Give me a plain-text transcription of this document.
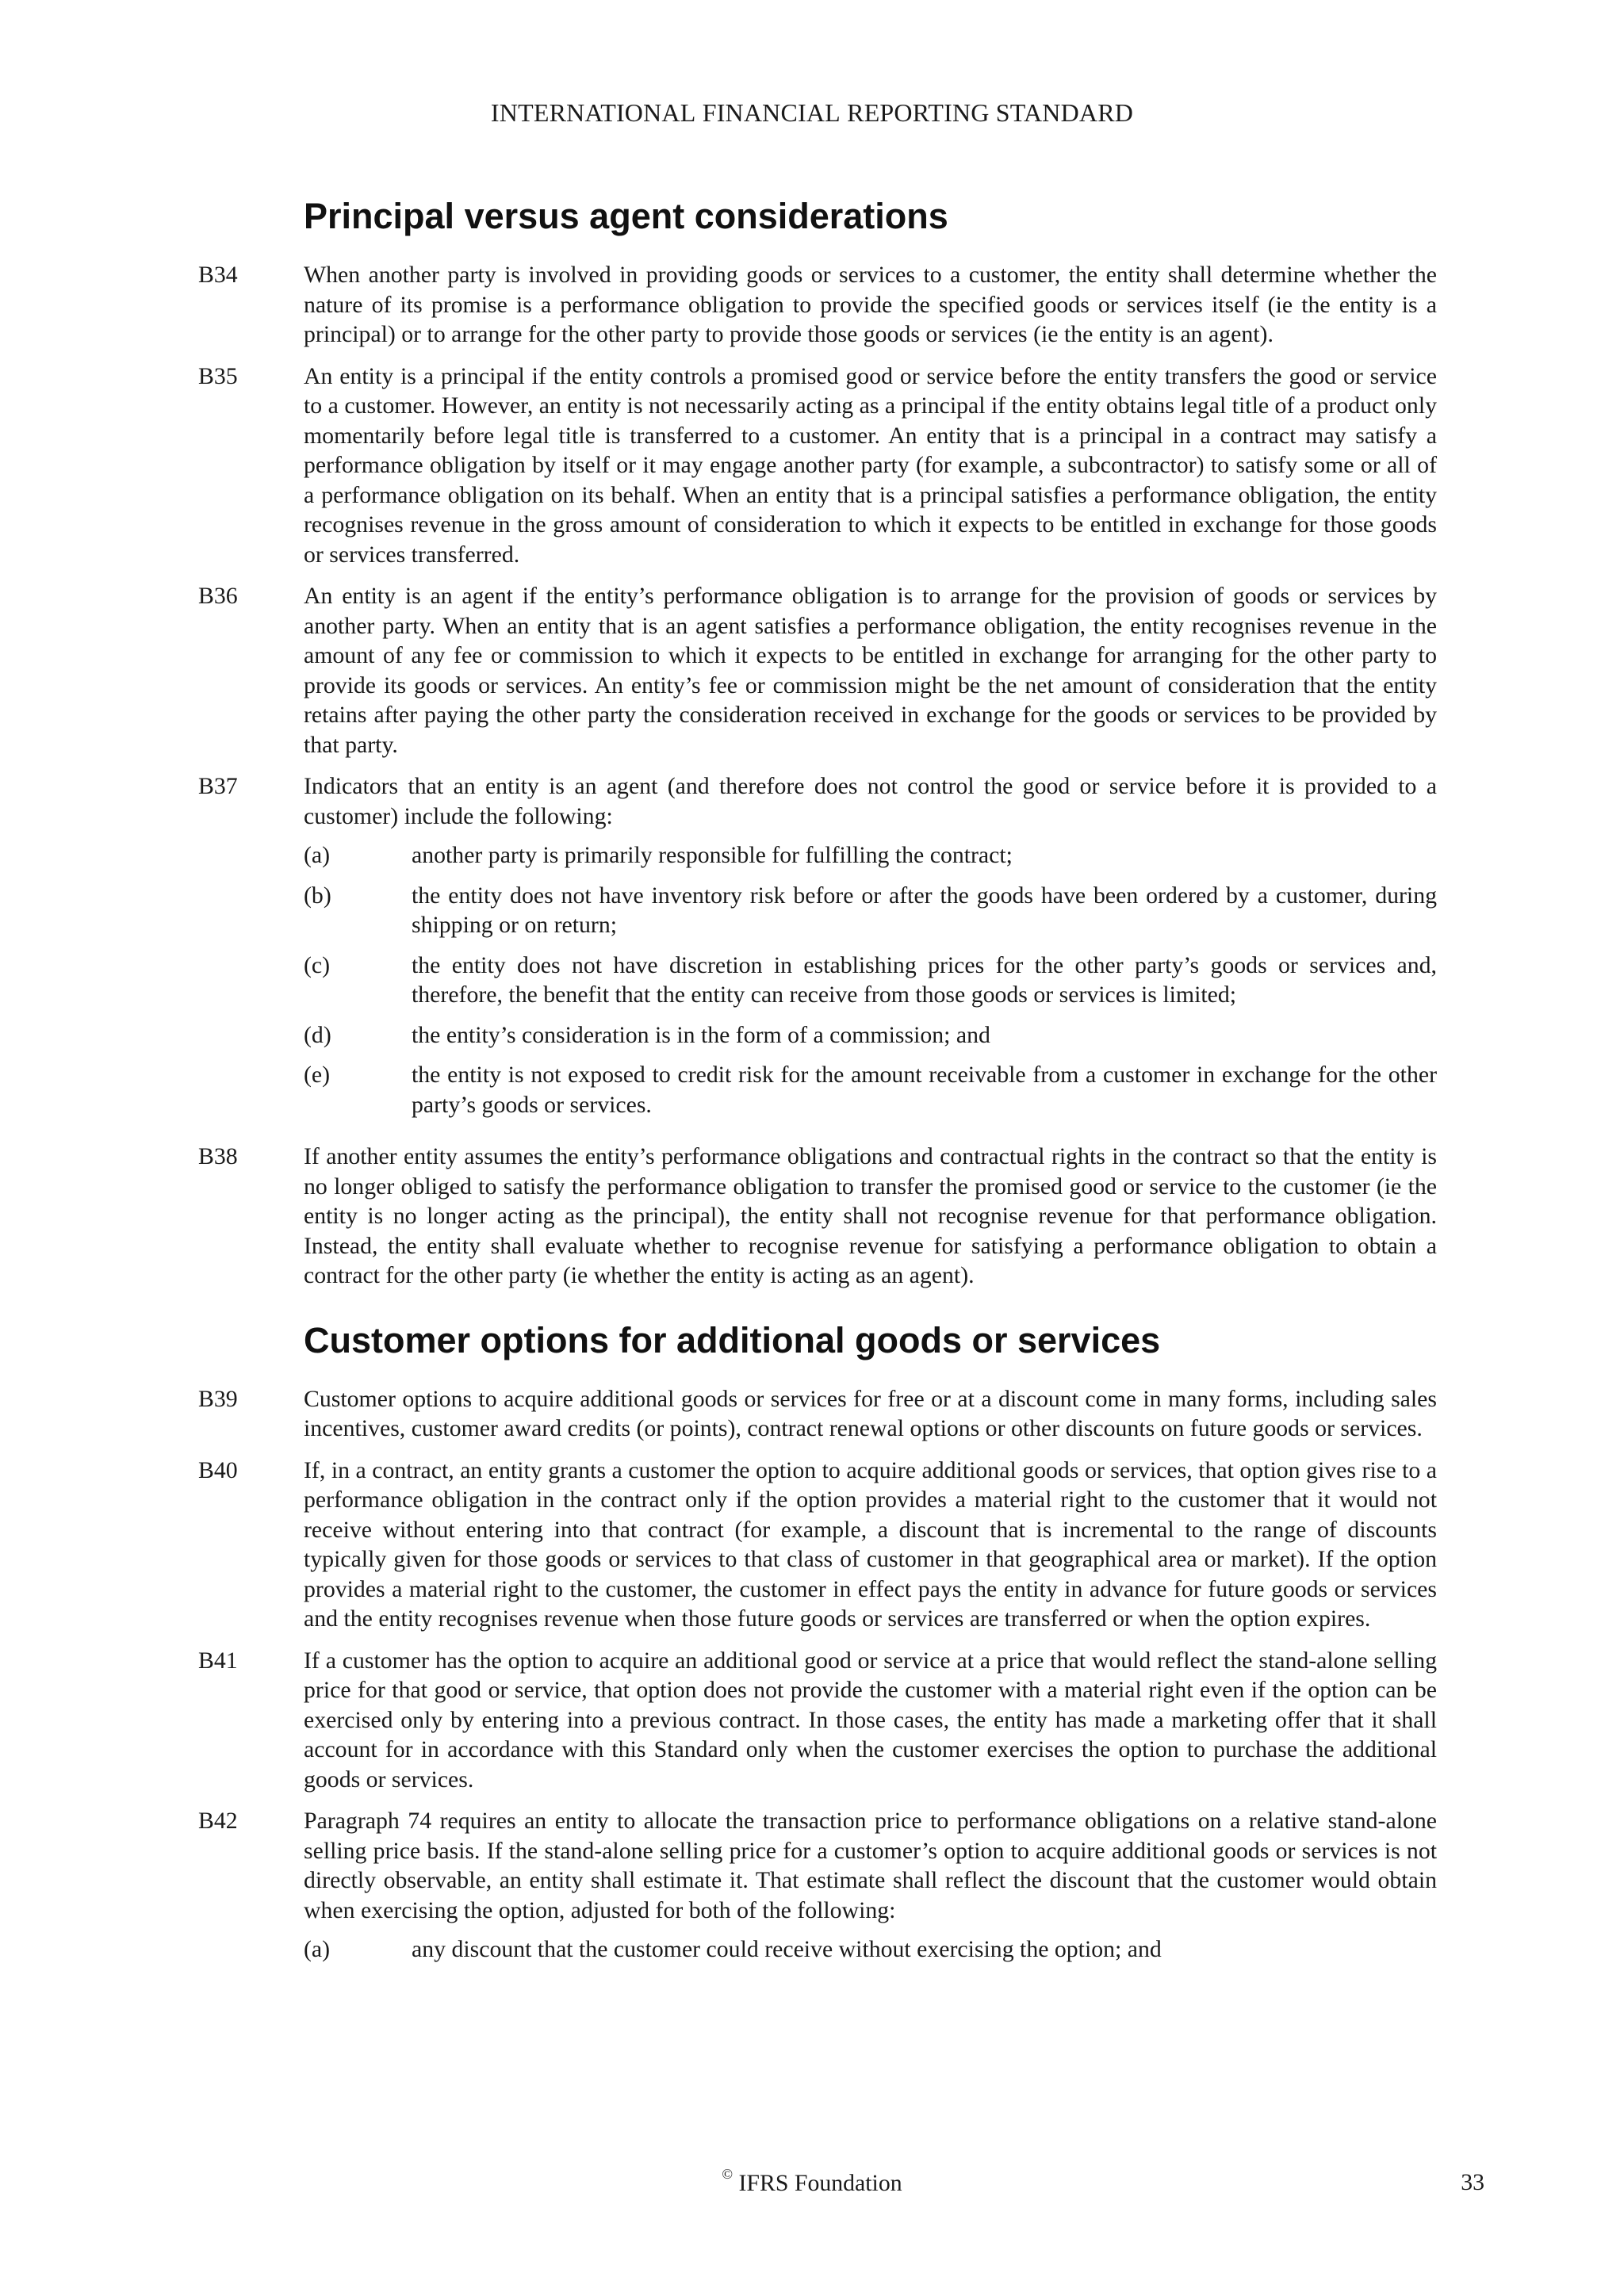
INTERNATIONAL FINANCIAL REPORTING STANDARD
Principal versus agent considerations
B34	When another party is involved in providing goods or services to a customer, the entity shall determine whether the nature of its promise is a performance obligation to provide the specified goods or services itself (ie the entity is a principal) or to arrange for the other party to provide those goods or services (ie the entity is an agent).
B35	An entity is a principal if the entity controls a promised good or service before the entity transfers the good or service to a customer. However, an entity is not necessarily acting as a principal if the entity obtains legal title of a product only momentarily before legal title is transferred to a customer. An entity that is a principal in a contract may satisfy a performance obligation by itself or it may engage another party (for example, a subcontractor) to satisfy some or all of a performance obligation on its behalf. When an entity that is a principal satisfies a performance obligation, the entity recognises revenue in the gross amount of consideration to which it expects to be entitled in exchange for those goods or services transferred.
B36	An entity is an agent if the entity’s performance obligation is to arrange for the provision of goods or services by another party. When an entity that is an agent satisfies a performance obligation, the entity recognises revenue in the amount of any fee or commission to which it expects to be entitled in exchange for arranging for the other party to provide its goods or services. An entity’s fee or commission might be the net amount of consideration that the entity retains after paying the other party the consideration received in exchange for the goods or services to be provided by that party.
B37	Indicators that an entity is an agent (and therefore does not control the good or service before it is provided to a customer) include the following:
(a)	another party is primarily responsible for fulfilling the contract;
(b)	the entity does not have inventory risk before or after the goods have been ordered by a customer, during shipping or on return;
(c)	the entity does not have discretion in establishing prices for the other party’s goods or services and, therefore, the benefit that the entity can receive from those goods or services is limited;
(d)	the entity’s consideration is in the form of a commission; and
(e)	the entity is not exposed to credit risk for the amount receivable from a customer in exchange for the other party’s goods or services.
B38	If another entity assumes the entity’s performance obligations and contractual rights in the contract so that the entity is no longer obliged to satisfy the performance obligation to transfer the promised good or service to the customer (ie the entity is no longer acting as the principal), the entity shall not recognise revenue for that performance obligation. Instead, the entity shall evaluate whether to recognise revenue for satisfying a performance obligation to obtain a contract for the other party (ie whether the entity is acting as an agent).
Customer options for additional goods or services
B39	Customer options to acquire additional goods or services for free or at a discount come in many forms, including sales incentives, customer award credits (or points), contract renewal options or other discounts on future goods or services.
B40	If, in a contract, an entity grants a customer the option to acquire additional goods or services, that option gives rise to a performance obligation in the contract only if the option provides a material right to the customer that it would not receive without entering into that contract (for example, a discount that is incremental to the range of discounts typically given for those goods or services to that class of customer in that geographical area or market). If the option provides a material right to the customer, the customer in effect pays the entity in advance for future goods or services and the entity recognises revenue when those future goods or services are transferred or when the option expires.
B41	If a customer has the option to acquire an additional good or service at a price that would reflect the stand-alone selling price for that good or service, that option does not provide the customer with a material right even if the option can be exercised only by entering into a previous contract. In those cases, the entity has made a marketing offer that it shall account for in accordance with this Standard only when the customer exercises the option to purchase the additional goods or services.
B42	Paragraph 74 requires an entity to allocate the transaction price to performance obligations on a relative stand-alone selling price basis. If the stand-alone selling price for a customer’s option to acquire additional goods or services is not directly observable, an entity shall estimate it. That estimate shall reflect the discount that the customer would obtain when exercising the option, adjusted for both of the following:
(a)	any discount that the customer could receive without exercising the option; and
© IFRS Foundation	33
